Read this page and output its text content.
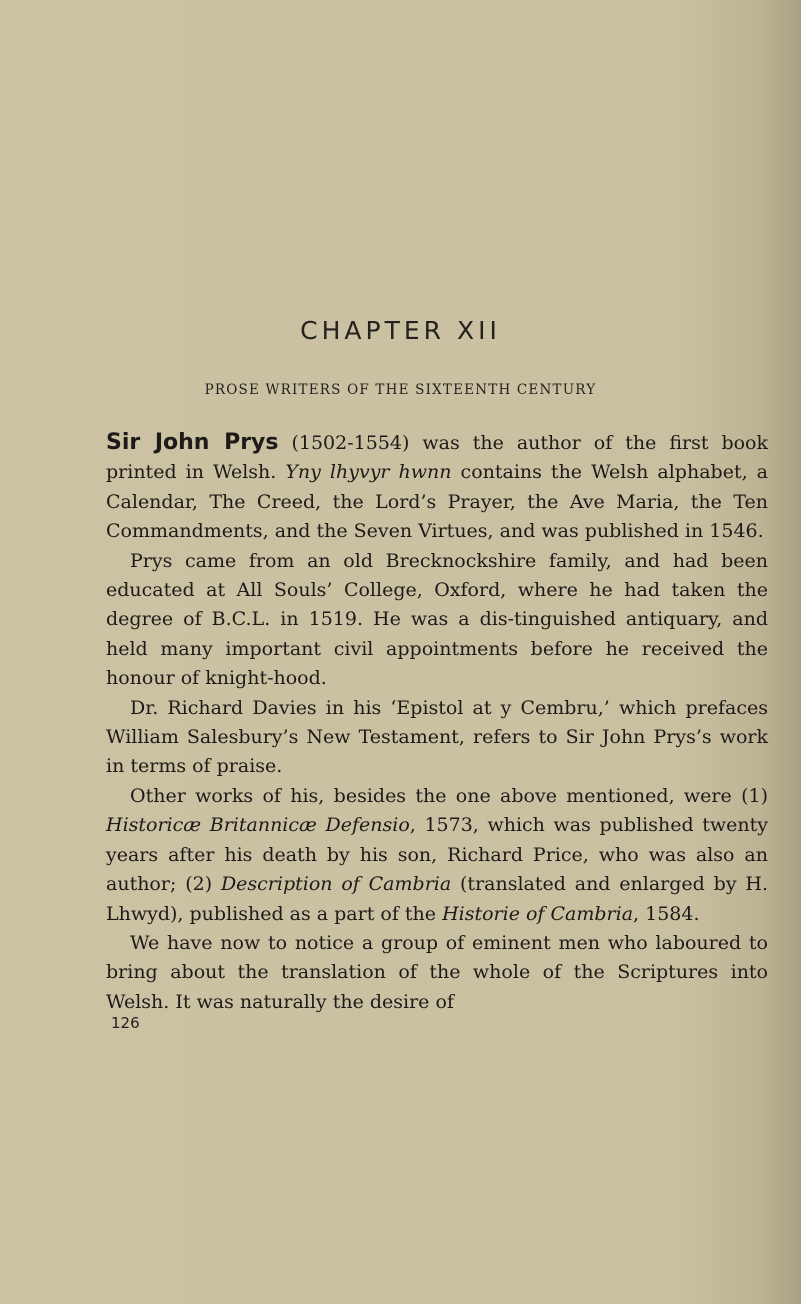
CHAPTER XII
PROSE WRITERS OF THE SIXTEENTH CENTURY

Sir John Prys (1502-1554) was the author of the first book printed in Welsh. Yny lhyvyr hwnn contains the Welsh alphabet, a Calendar, The Creed, the Lord’s Prayer, the Ave Maria, the Ten Commandments, and the Seven Virtues, and was published in 1546.

Prys came from an old Brecknockshire family, and had been educated at All Souls’ College, Oxford, where he had taken the degree of B.C.L. in 1519. He was a dis-tinguished antiquary, and held many important civil appointments before he received the honour of knight-hood.

Dr. Richard Davies in his ‘Epistol at y Cembru,’ which prefaces William Salesbury’s New Testament, refers to Sir John Prys’s work in terms of praise.

Other works of his, besides the one above mentioned, were (1) Historicæ Britannicæ Defensio, 1573, which was published twenty years after his death by his son, Richard Price, who was also an author; (2) Description of Cambria (translated and enlarged by H. Lhwyd), published as a part of the Historie of Cambria, 1584.

We have now to notice a group of eminent men who laboured to bring about the translation of the whole of the Scriptures into Welsh. It was naturally the desire of

126
